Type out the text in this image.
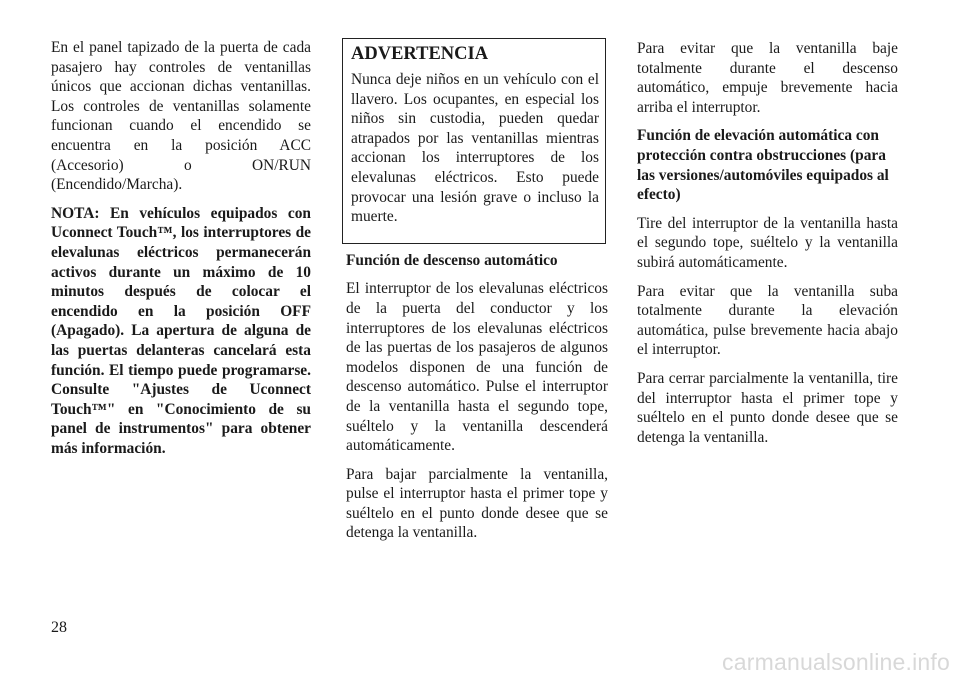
En el panel tapizado de la puerta de cada pasajero hay controles de ventanillas únicos que accionan dichas ventanillas. Los controles de ventanillas solamente funcionan cuando el encendido se encuentra en la posición ACC (Accesorio) o ON/RUN (Encendido/Marcha).

NOTA: En vehículos equipados con Uconnect Touch™, los interruptores de elevalunas eléctricos permanecerán activos durante un máximo de 10 minutos después de colocar el encendido en la posición OFF (Apagado). La apertura de alguna de las puertas delanteras cancelará esta función. El tiempo puede programarse. Consulte "Ajustes de Uconnect Touch™" en "Conocimiento de su panel de instrumentos" para obtener más información.

ADVERTENCIA

Nunca deje niños en un vehículo con el llavero. Los ocupantes, en especial los niños sin custodia, pueden quedar atrapados por las ventanillas mientras accionan los interruptores de los elevalunas eléctricos. Esto puede provocar una lesión grave o incluso la muerte.

Función de descenso automático

El interruptor de los elevalunas eléctricos de la puerta del conductor y los interruptores de los elevalunas eléctricos de las puertas de los pasajeros de algunos modelos disponen de una función de descenso automático. Pulse el interruptor de la ventanilla hasta el segundo tope, suéltelo y la ventanilla descenderá automáticamente.

Para bajar parcialmente la ventanilla, pulse el interruptor hasta el primer tope y suéltelo en el punto donde desee que se detenga la ventanilla.

Para evitar que la ventanilla baje totalmente durante el descenso automático, empuje brevemente hacia arriba el interruptor.

Función de elevación automática con protección contra obstrucciones (para las versiones/automóviles equipados al efecto)

Tire del interruptor de la ventanilla hasta el segundo tope, suéltelo y la ventanilla subirá automáticamente.

Para evitar que la ventanilla suba totalmente durante la elevación automática, pulse brevemente hacia abajo el interruptor.

Para cerrar parcialmente la ventanilla, tire del interruptor hasta el primer tope y suéltelo en el punto donde desee que se detenga la ventanilla.

28
carmanualsonline.info
